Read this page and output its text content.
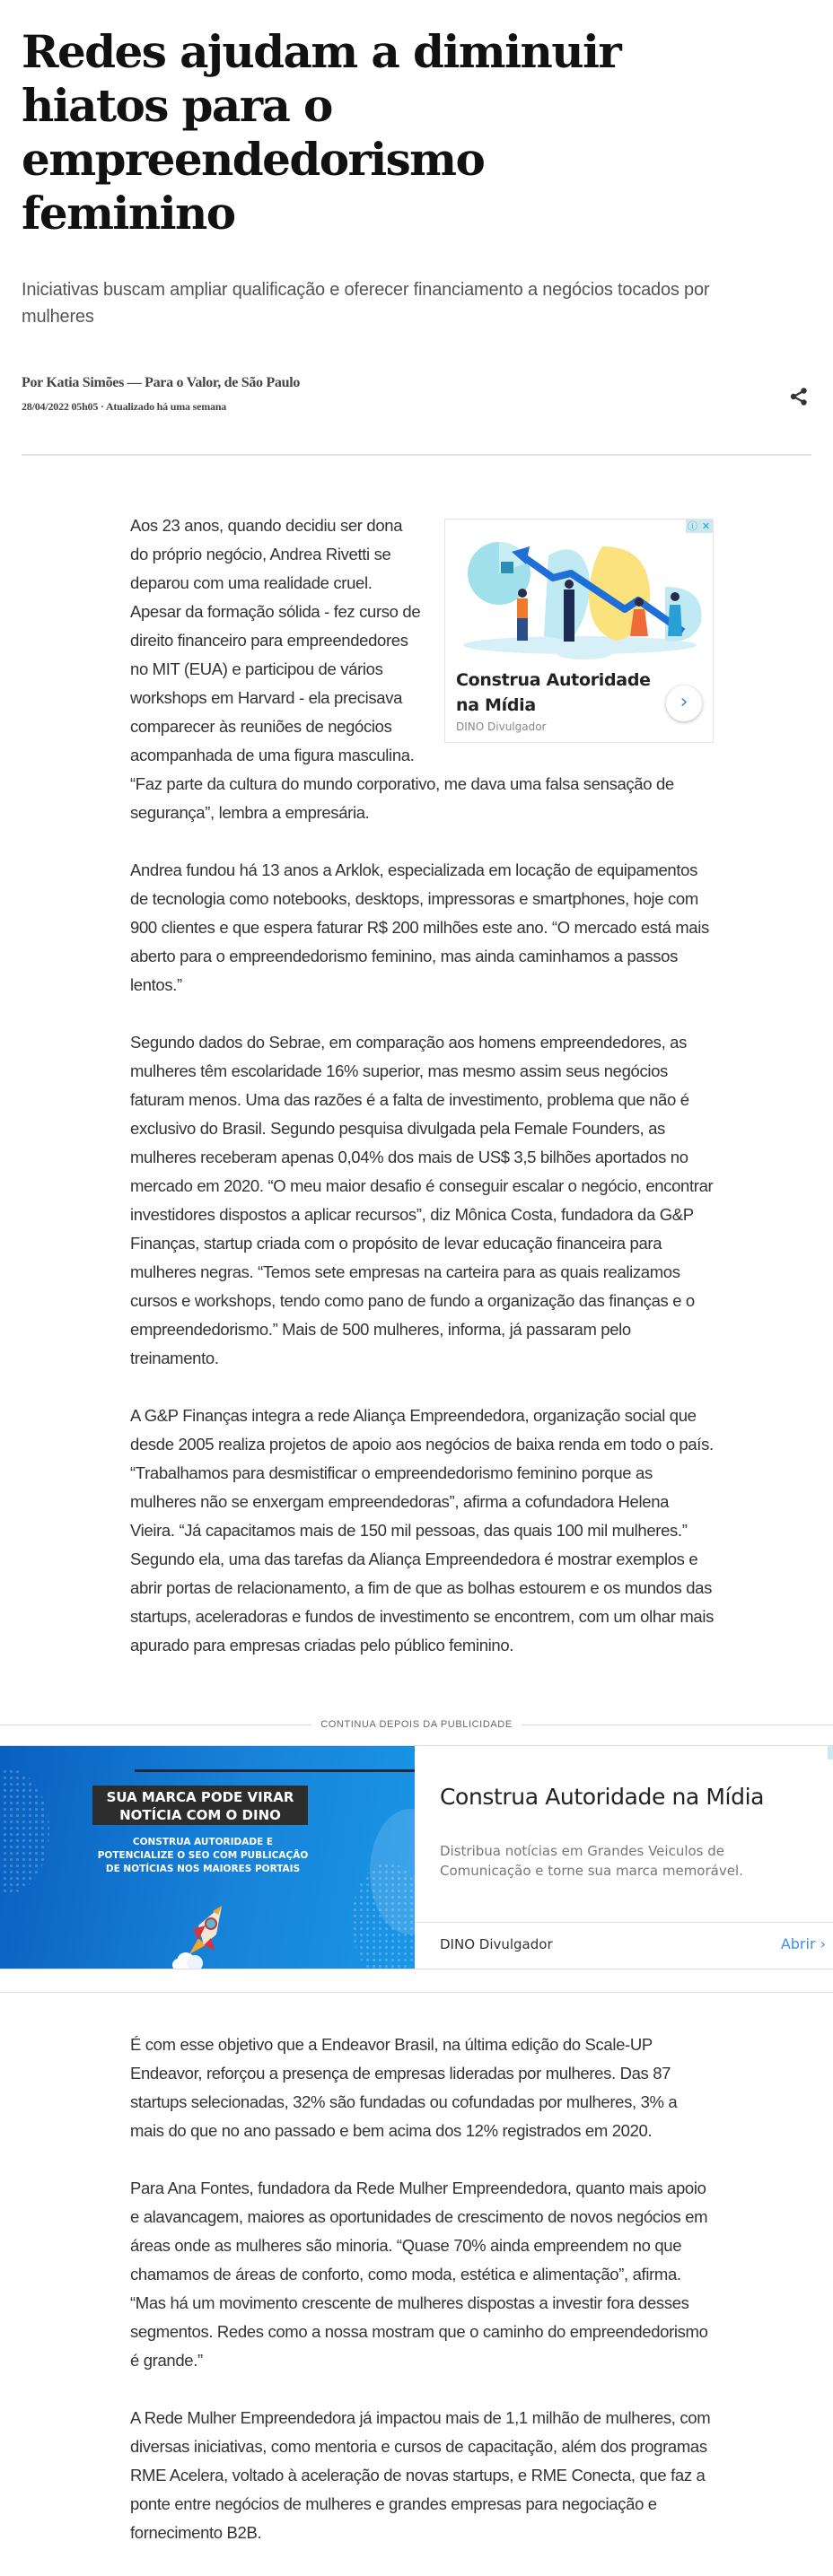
Redes ajudam a diminuir hiatos para o empreendedorismo feminino

Iniciativas buscam ampliar qualificação e oferecer financiamento a negócios tocados por mulheres

Por Katia Simões — Para o Valor, de São Paulo
28/04/2022 05h05 · Atualizado há uma semana
ⓘ ✕
Construa Autoridade na Mídia
DINO Divulgador
›

Aos 23 anos, quando decidiu ser dona do próprio negócio, Andrea Rivetti se deparou com uma realidade cruel. Apesar da formação sólida - fez curso de direito financeiro para empreendedores no MIT (EUA) e participou de vários workshops em Harvard - ela precisava comparecer às reuniões de negócios acompanhada de uma figura masculina. “Faz parte da cultura do mundo corporativo, me dava uma falsa sensação de segurança”, lembra a empresária.

Andrea fundou há 13 anos a Arklok, especializada em locação de equipamentos de tecnologia como notebooks, desktops, impressoras e smartphones, hoje com 900 clientes e que espera faturar R$ 200 milhões este ano. “O mercado está mais aberto para o empreendedorismo feminino, mas ainda caminhamos a passos lentos.”

Segundo dados do Sebrae, em comparação aos homens empreendedores, as mulheres têm escolaridade 16% superior, mas mesmo assim seus negócios faturam menos. Uma das razões é a falta de investimento, problema que não é exclusivo do Brasil. Segundo pesquisa divulgada pela Female Founders, as mulheres receberam apenas 0,04% dos mais de US$ 3,5 bilhões aportados no mercado em 2020. “O meu maior desafio é conseguir escalar o negócio, encontrar investidores dispostos a aplicar recursos”, diz Mônica Costa, fundadora da G&P Finanças, startup criada com o propósito de levar educação financeira para mulheres negras. “Temos sete empresas na carteira para as quais realizamos cursos e workshops, tendo como pano de fundo a organização das finanças e o empreendedorismo.” Mais de 500 mulheres, informa, já passaram pelo treinamento.

A G&P Finanças integra a rede Aliança Empreendedora, organização social que desde 2005 realiza projetos de apoio aos negócios de baixa renda em todo o país. “Trabalhamos para desmistificar o empreendedorismo feminino porque as mulheres não se enxergam empreendedoras”, afirma a cofundadora Helena Vieira. “Já capacitamos mais de 150 mil pessoas, das quais 100 mil mulheres.” Segundo ela, uma das tarefas da Aliança Empreendedora é mostrar exemplos e abrir portas de relacionamento, a fim de que as bolhas estourem e os mundos das startups, aceleradoras e fundos de investimento se encontrem, com um olhar mais apurado para empresas criadas pelo público feminino.

CONTINUA DEPOIS DA PUBLICIDADE
SUA MARCA PODE VIRAR
NOTÍCIA COM O DINO
CONSTRUA AUTORIDADE E
POTENCIALIZE O SEO COM PUBLICAÇÃO
DE NOTÍCIAS NOS MAIORES PORTAIS
Construa Autoridade na Mídia
Distribua notícias em Grandes Veiculos de Comunicação e torne sua marca memorável.
DINO Divulgador	Abrir ›

É com esse objetivo que a Endeavor Brasil, na última edição do Scale-UP Endeavor, reforçou a presença de empresas lideradas por mulheres. Das 87 startups selecionadas, 32% são fundadas ou cofundadas por mulheres, 3% a mais do que no ano passado e bem acima dos 12% registrados em 2020.

Para Ana Fontes, fundadora da Rede Mulher Empreendedora, quanto mais apoio e alavancagem, maiores as oportunidades de crescimento de novos negócios em áreas onde as mulheres são minoria. “Quase 70% ainda empreendem no que chamamos de áreas de conforto, como moda, estética e alimentação”, afirma. “Mas há um movimento crescente de mulheres dispostas a investir fora desses segmentos. Redes como a nossa mostram que o caminho do empreendedorismo é grande.”

A Rede Mulher Empreendedora já impactou mais de 1,1 milhão de mulheres, com diversas iniciativas, como mentoria e cursos de capacitação, além dos programas RME Acelera, voltado à aceleração de novas startups, e RME Conecta, que faz a ponte entre negócios de mulheres e grandes empresas para negociação e fornecimento B2B.
